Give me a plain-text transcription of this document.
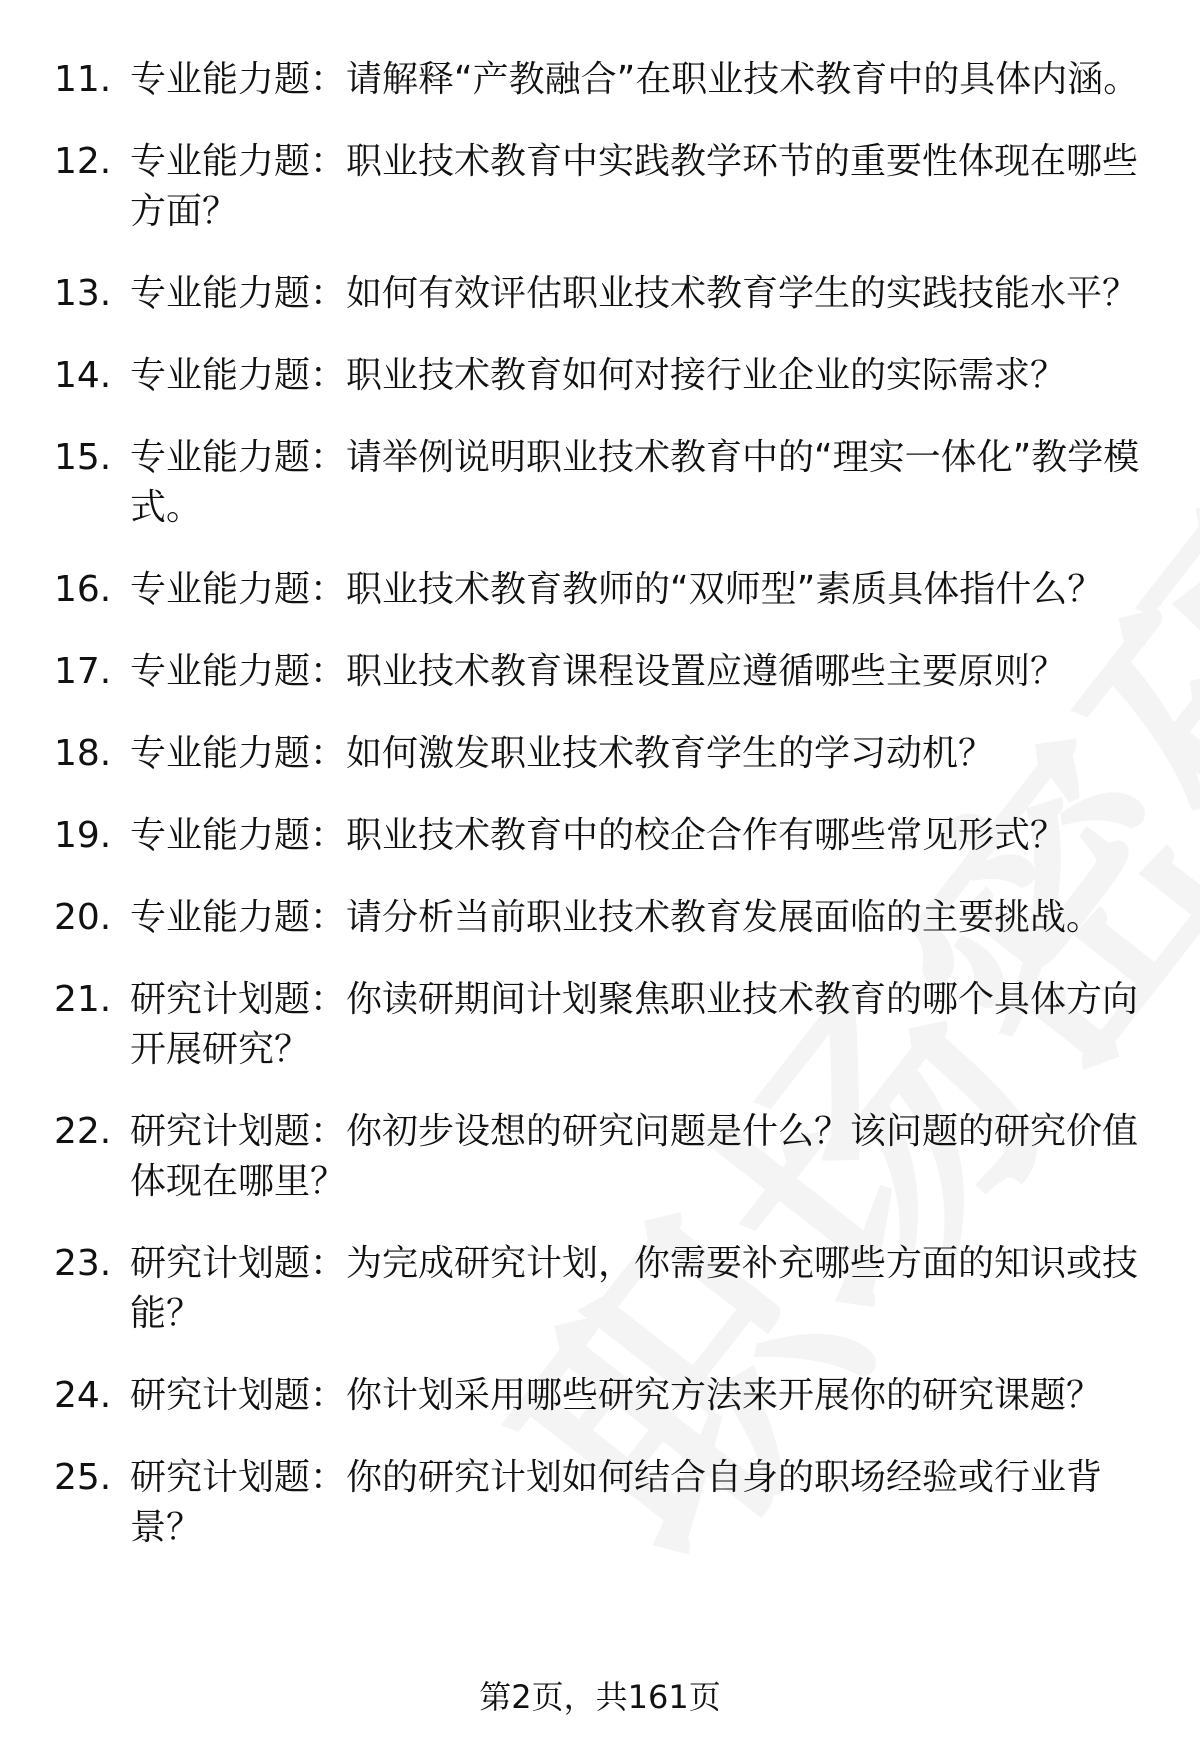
11. 专业能力题：请解释“产教融合”在职业技术教育中的具体内涵。
12. 专业能力题：职业技术教育中实践教学环节的重要性体现在哪些方面？
13. 专业能力题：如何有效评估职业技术教育学生的实践技能水平？
14. 专业能力题：职业技术教育如何对接行业企业的实际需求？
15. 专业能力题：请举例说明职业技术教育中的“理实一体化”教学模式。
16. 专业能力题：职业技术教育教师的“双师型”素质具体指什么？
17. 专业能力题：职业技术教育课程设置应遵循哪些主要原则？
18. 专业能力题：如何激发职业技术教育学生的学习动机？
19. 专业能力题：职业技术教育中的校企合作有哪些常见形式？
20. 专业能力题：请分析当前职业技术教育发展面临的主要挑战。
21. 研究计划题：你读研期间计划聚焦职业技术教育的哪个具体方向开展研究？
22. 研究计划题：你初步设想的研究问题是什么？该问题的研究价值体现在哪里？
23. 研究计划题：为完成研究计划，你需要补充哪些方面的知识或技能？
24. 研究计划题：你计划采用哪些研究方法来开展你的研究课题？
25. 研究计划题：你的研究计划如何结合自身的职场经验或行业背景？
第2页，共161页
